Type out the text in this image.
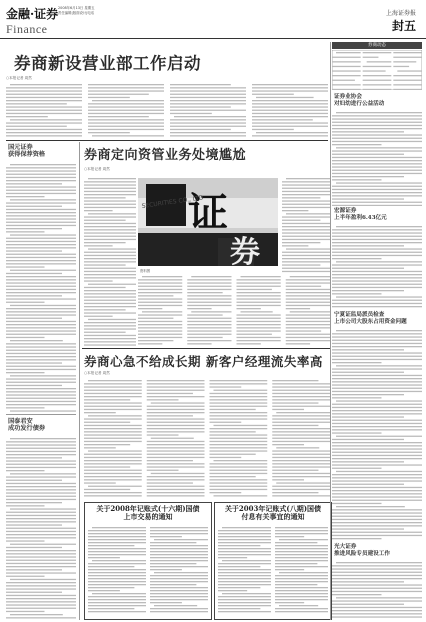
金融·证券
Finance
2008年6月13日 星期五
责任编辑|版面设计|电话	上海证券报
封五
券商新设营业部工作启动
○本报记者 周然
国元证券
获得保荐资格
国泰君安
成功发行债券
券商定向资管业务处境尴尬
○本报记者 周然
证
券
SECURITIES CO., LTD
资料图
券商心急不给成长期 新客户经理流失率高
○本报记者 周然
关于2008年记账式(十六期)国债
上市交易的通知
关于2003年记账式(八期)国债
付息有关事宜的通知
券商动态
证券业协会
对妇幼进行公益活动
宏源证券
上半年盈利6.43亿元
宁夏证监局派员检查
上市公司大股东占用资金问题
光大证券
推进风险专员建设工作
